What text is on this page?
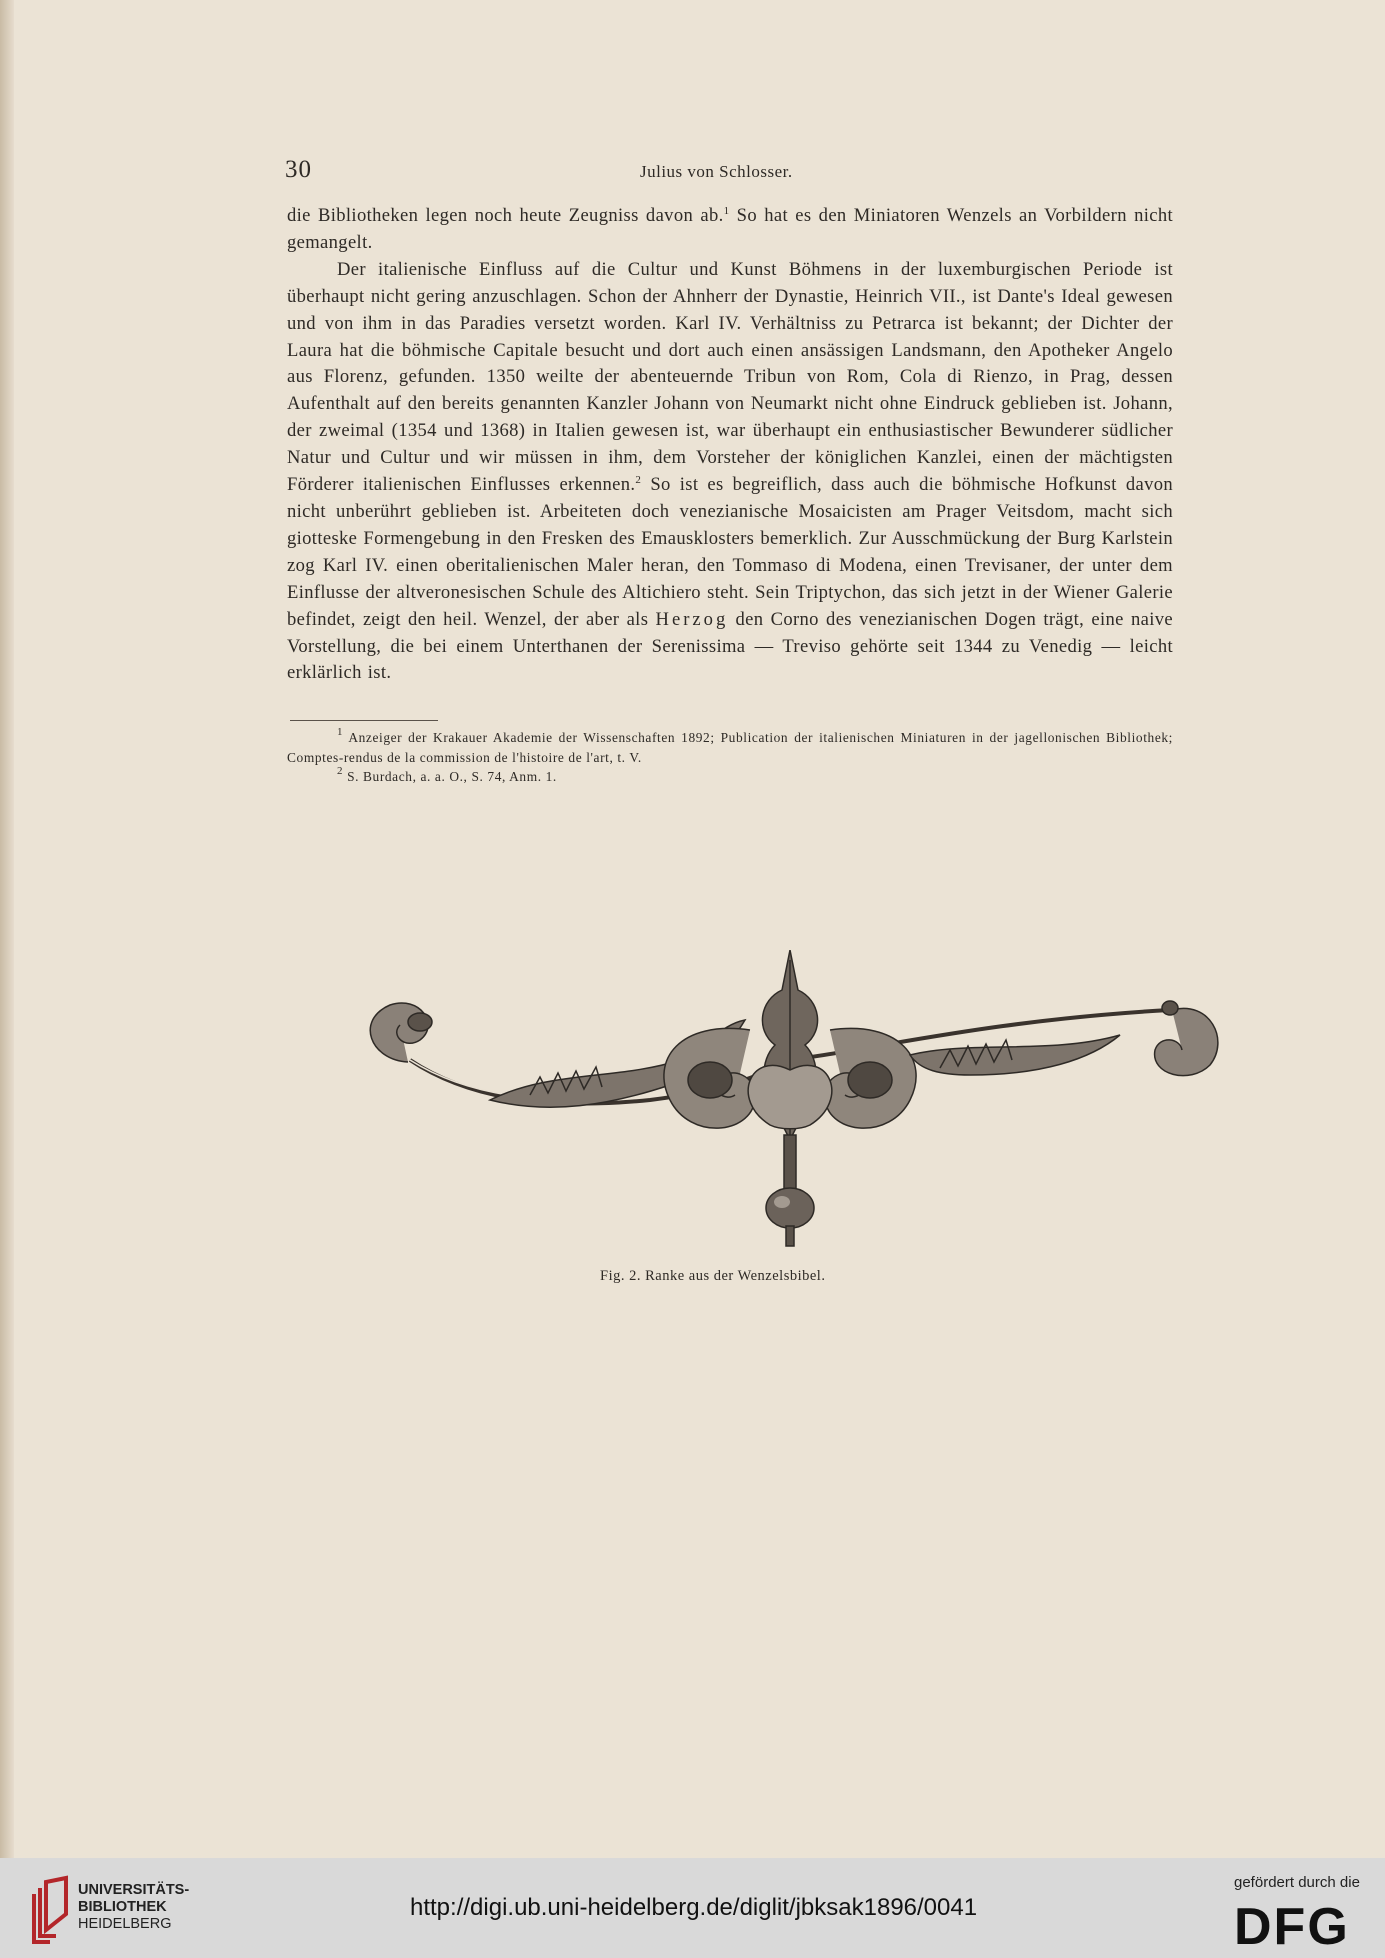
30	Julius von Schlosser.

die Bibliotheken legen noch heute Zeugniss davon ab.$^1$ So hat es den Miniatoren Wenzels an Vorbildern nicht gemangelt.

Der italienische Einfluss auf die Cultur und Kunst Böhmens in der luxemburgischen Periode ist überhaupt nicht gering anzuschlagen. Schon der Ahnherr der Dynastie, Heinrich VII., ist Dante's Ideal gewesen und von ihm in das Paradies versetzt worden. Karl IV. Verhältniss zu Petrarca ist bekannt; der Dichter der Laura hat die böhmische Capitale besucht und dort auch einen ansässigen Landsmann, den Apotheker Angelo aus Florenz, gefunden. 1350 weilte der abenteuernde Tribun von Rom, Cola di Rienzo, in Prag, dessen Aufenthalt auf den bereits genannten Kanzler Johann von Neumarkt nicht ohne Eindruck geblieben ist. Johann, der zweimal (1354 und 1368) in Italien gewesen ist, war überhaupt ein enthusiastischer Bewunderer südlicher Natur und Cultur und wir müssen in ihm, dem Vorsteher der königlichen Kanzlei, einen der mächtigsten Förderer italienischen Einflusses erkennen.$^2$ So ist es begreiflich, dass auch die böhmische Hofkunst davon nicht unberührt geblieben ist. Arbeiteten doch venezianische Mosaicisten am Prager Veitsdom, macht sich giotteske Formengebung in den Fresken des Emausklosters bemerklich. Zur Ausschmückung der Burg Karlstein zog Karl IV. einen oberitalienischen Maler heran, den Tommaso di Modena, einen Trevisaner, der unter dem Einflusse der altveronesischen Schule des Altichiero steht. Sein Triptychon, das sich jetzt in der Wiener Galerie befindet, zeigt den heil. Wenzel, der aber als Herzog den Corno des venezianischen Dogen trägt, eine naive Vorstellung, die bei einem Unterthanen der Serenissima — Treviso gehörte seit 1344 zu Venedig — leicht erklärlich ist.

$^1$ Anzeiger der Krakauer Akademie der Wissenschaften 1892; Publication der italienischen Miniaturen in der jagellonischen Bibliothek; Comptes-rendus de la commission de l'histoire de l'art, t. V.

$^2$ S. Burdach, a. a. O., S. 74, Anm. 1.

Fig. 2. Ranke aus der Wenzelsbibel.
UNIVERSITÄTS-
BIBLIOTHEK
HEIDELBERG
http://digi.ub.uni-heidelberg.de/diglit/jbksak1896/0041
gefördert durch die
DFG
